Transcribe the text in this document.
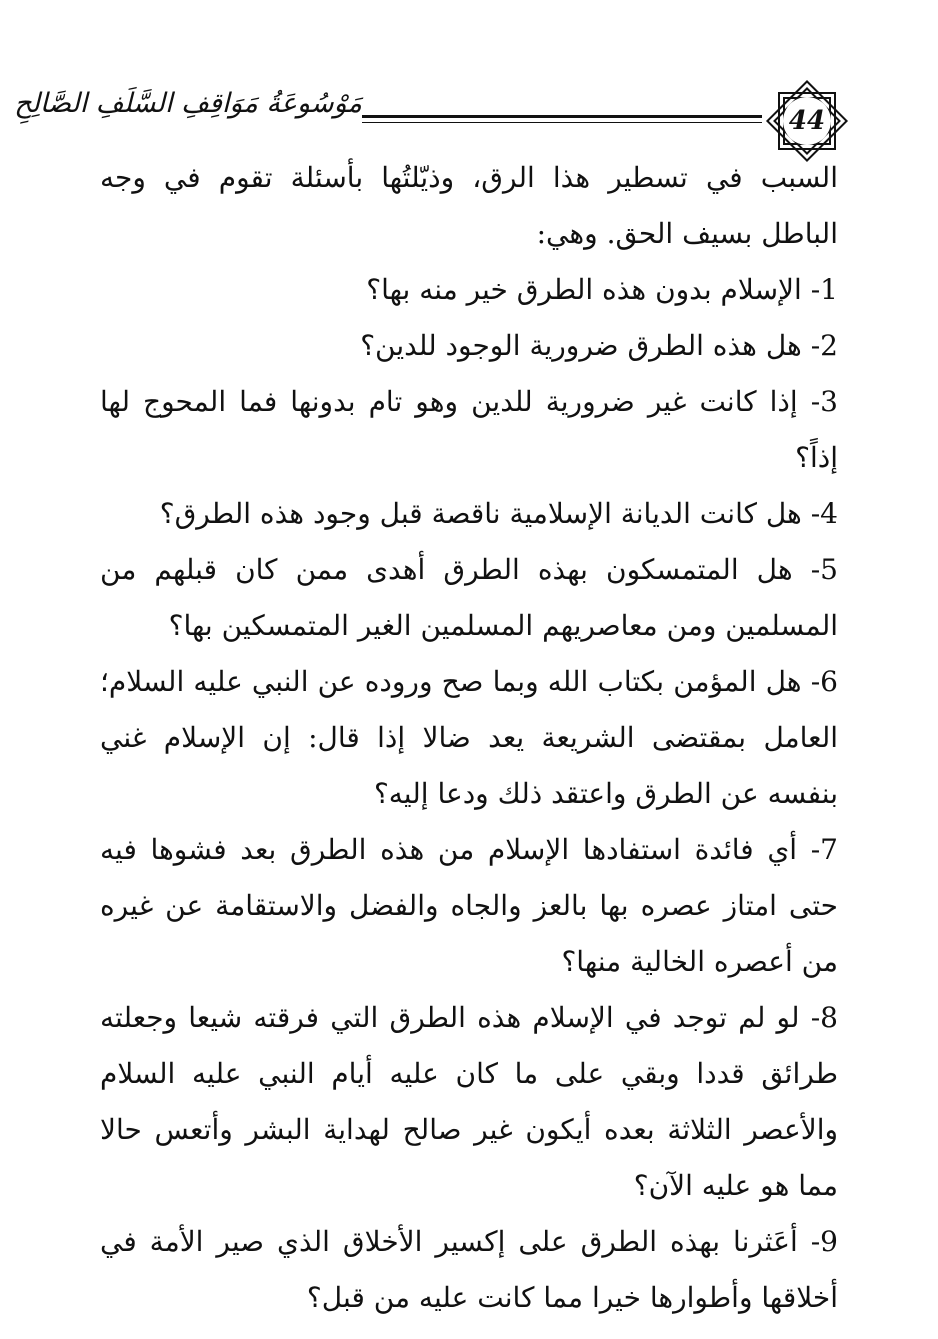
مَوْسُوعَةُ مَوَاقِفِ السَّلَفِ الصَّالِحِ
44

السبب في تسطير هذا الرق، وذيّلتُها بأسئلة تقوم في وجه الباطل بسيف الحق. وهي:

1- الإسلام بدون هذه الطرق خير منه بها؟

2- هل هذه الطرق ضرورية الوجود للدين؟

3- إذا كانت غير ضرورية للدين وهو تام بدونها فما المحوج لها إذاً؟

4- هل كانت الديانة الإسلامية ناقصة قبل وجود هذه الطرق؟

5- هل المتمسكون بهذه الطرق أهدى ممن كان قبلهم من المسلمين ومن معاصريهم المسلمين الغير المتمسكين بها؟

6- هل المؤمن بكتاب الله وبما صح وروده عن النبي عليه السلام؛ العامل بمقتضى الشريعة يعد ضالا إذا قال: إن الإسلام غني بنفسه عن الطرق واعتقد ذلك ودعا إليه؟

7- أي فائدة استفادها الإسلام من هذه الطرق بعد فشوها فيه حتى امتاز عصره بها بالعز والجاه والفضل والاستقامة عن غيره من أعصره الخالية منها؟

8- لو لم توجد في الإسلام هذه الطرق التي فرقته شيعا وجعلته طرائق قددا وبقي على ما كان عليه أيام النبي عليه السلام والأعصر الثلاثة بعده أيكون غير صالح لهداية البشر وأتعس حالا مما هو عليه الآن؟

9- أعَثرنا بهذه الطرق على إكسير الأخلاق الذي صير الأمة في أخلاقها وأطوارها خيرا مما كانت عليه من قبل؟
